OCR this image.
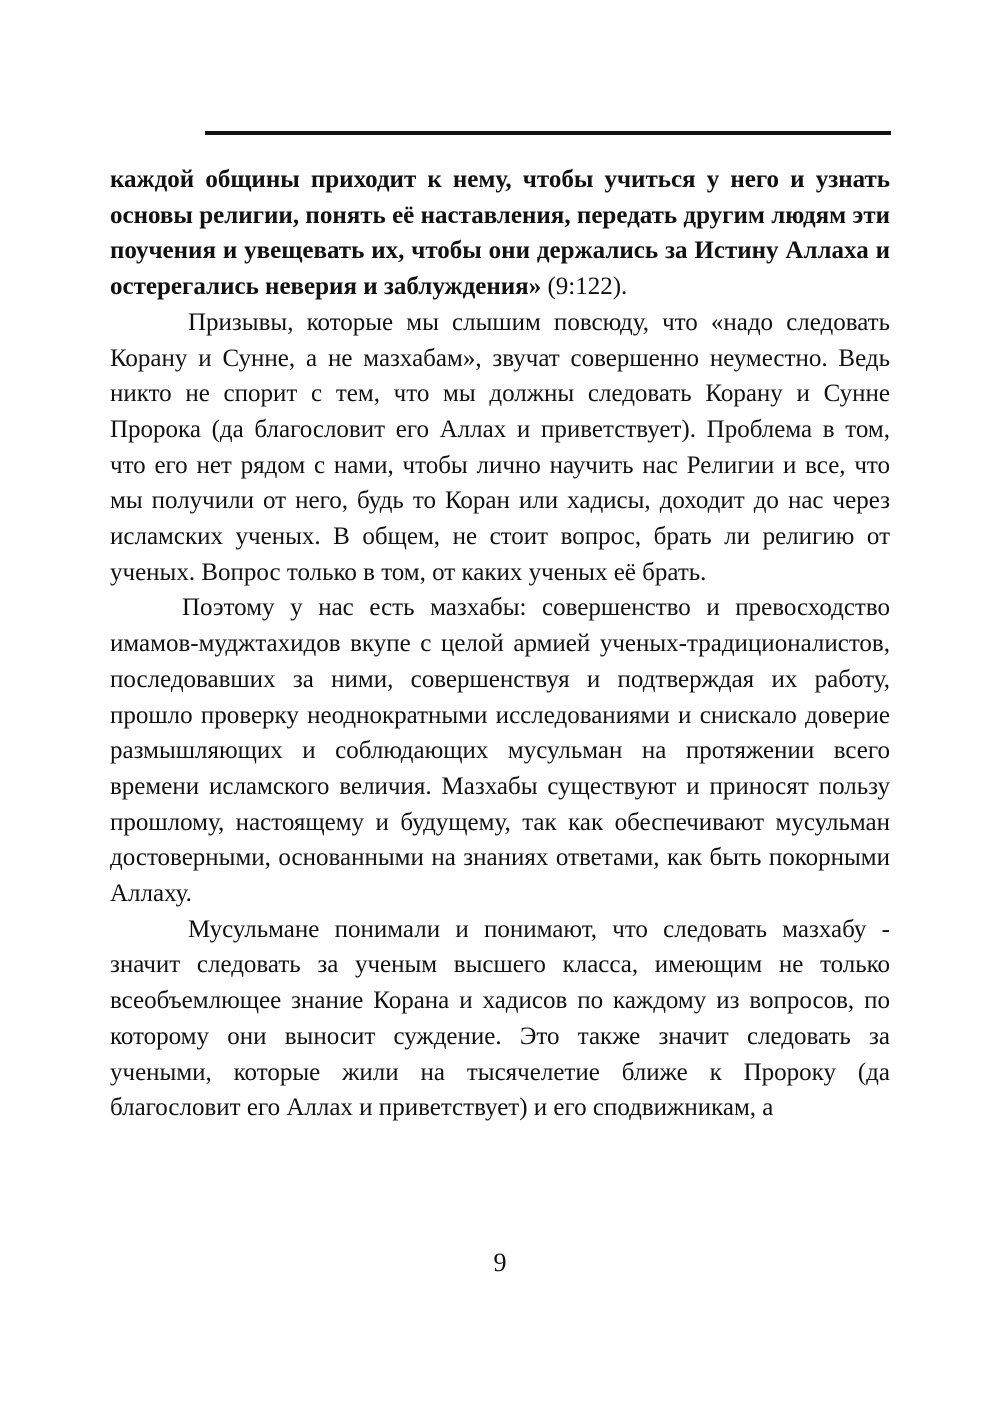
каждой общины приходит к нему, чтобы учиться у него и узнать основы религии, понять её наставления, передать другим людям эти поучения и увещевать их, чтобы они держались за Истину Аллаха и остерегались неверия и заблуждения» (9:122).

Призывы, которые мы слышим повсюду, что «надо следовать Корану и Сунне, а не мазхабам», звучат совершенно неуместно. Ведь никто не спорит с тем, что мы должны следовать Корану и Сунне Пророка (да благословит его Аллах и приветствует). Проблема в том, что его нет рядом с нами, чтобы лично научить нас Религии и все, что мы получили от него, будь то Коран или хадисы, доходит до нас через исламских ученых. В общем, не стоит вопрос, брать ли религию от ученых. Вопрос только в том, от каких ученых её брать.

Поэтому у нас есть мазхабы: совершенство и превосходство имамов-муджтахидов вкупе с целой армией ученых-традиционалистов, последовавших за ними, совершенствуя и подтверждая их работу, прошло проверку неоднократными исследованиями и снискало доверие размышляющих и соблюдающих мусульман на протяжении всего времени исламского величия. Мазхабы существуют и приносят пользу прошлому, настоящему и будущему, так как обеспечивают мусульман достоверными, основанными на знаниях ответами, как быть покорными Аллаху.

Мусульмане понимали и понимают, что следовать мазхабу - значит следовать за ученым высшего класса, имеющим не только всеобъемлющее знание Корана и хадисов по каждому из вопросов, по которому они выносит суждение. Это также значит следовать за учеными, которые жили на тысячелетие ближе к Пророку (да благословит его Аллах и приветствует) и его сподвижникам, а

9
